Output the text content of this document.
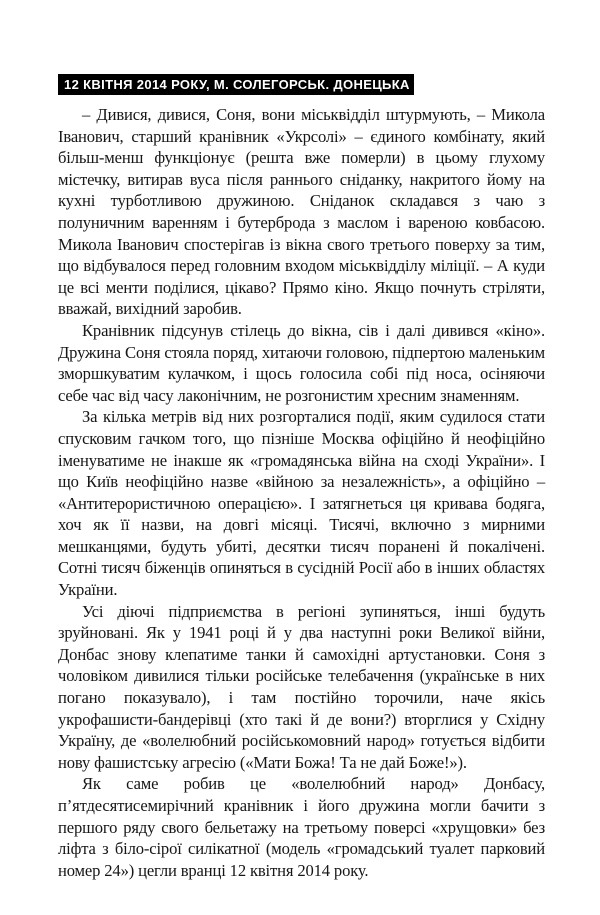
12 КВІТНЯ 2014 РОКУ, М. СОЛЕГОРСЬК. ДОНЕЦЬКА ОБЛАСТЬ

– Дивися, дивися, Соня, вони міськвідділ штурмують, – Микола Іванович, старший кранівник «Укрсолі» – єдиного комбінату, який більш-менш функціонує (решта вже померли) в цьому глухому містечку, витирав вуса після раннього сніданку, накритого йому на кухні турботливою дружиною. Сніданок складався з чаю з полуничним варенням і бутерброда з маслом і вареною ковбасою. Микола Іванович спостерігав із вікна свого третього поверху за тим, що відбувалося перед головним входом міськвідділу міліції. – А куди це всі менти поділися, цікаво? Прямо кіно. Якщо почнуть стріляти, вважай, вихідний заробив.

Кранівник підсунув стілець до вікна, сів і далі дивився «кіно». Дружина Соня стояла поряд, хитаючи головою, підпертою маленьким зморшкуватим кулачком, і щось голосила собі під носа, осіняючи себе час від часу лаконічним, не розгонистим хресним знаменням.

За кілька метрів від них розгорталися події, яким судилося стати спусковим гачком того, що пізніше Москва офіційно й неофіційно іменуватиме не інакше як «громадянська війна на сході України». І що Київ неофіційно назве «війною за незалежність», а офіційно – «Антитерористичною операцією». І затягнеться ця кривава бодяга, хоч як її назви, на довгі місяці. Тисячі, включно з мирними мешканцями, будуть убиті, десятки тисяч поранені й покалічені. Сотні тисяч біженців опиняться в сусідній Росії або в інших областях України.

Усі діючі підприємства в регіоні зупиняться, інші будуть зруйновані. Як у 1941 році й у два наступні роки Великої війни, Донбас знову клепатиме танки й самохідні артустановки. Соня з чоловіком дивилися тільки російське телебачення (українське в них погано показувало), і там постійно торочили, наче якісь укрофашисти-бандерівці (хто такі й де вони?) вторглися у Східну Україну, де «волелюбний російськомовний народ» готується відбити нову фашистську агресію («Мати Божа! Та не дай Боже!»).

Як саме робив це «волелюбний народ» Донбасу, п’ятдесятисемирічний кранівник і його дружина могли бачити з першого ряду свого бельетажу на третьому поверсі «хрущовки» без ліфта з біло-сірої силікатної (модель «громадський туалет парковий номер 24») цегли вранці 12 квітня 2014 року.
